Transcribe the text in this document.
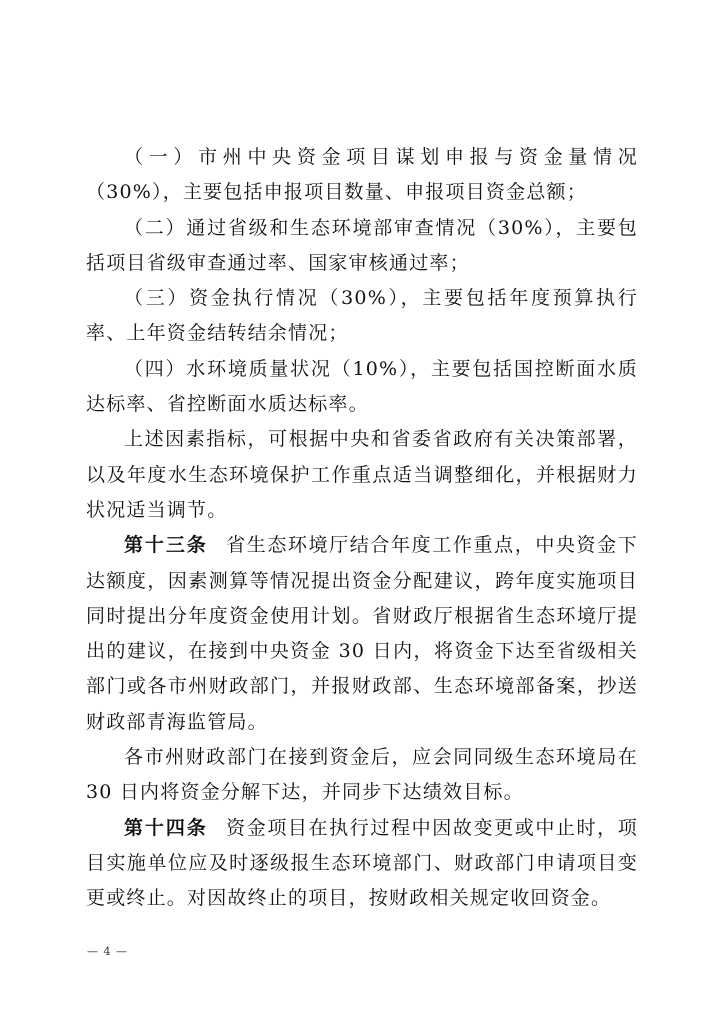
（一）市州中央资金项目谋划申报与资金量情况（30%），主要包括申报项目数量、申报项目资金总额；

（二）通过省级和生态环境部审查情况（30%），主要包括项目省级审查通过率、国家审核通过率；

（三）资金执行情况（30%），主要包括年度预算执行率、上年资金结转结余情况；

（四）水环境质量状况（10%），主要包括国控断面水质达标率、省控断面水质达标率。

上述因素指标，可根据中央和省委省政府有关决策部署，以及年度水生态环境保护工作重点适当调整细化，并根据财力状况适当调节。

第十三条 省生态环境厅结合年度工作重点，中央资金下达额度，因素测算等情况提出资金分配建议，跨年度实施项目同时提出分年度资金使用计划。省财政厅根据省生态环境厅提出的建议，在接到中央资金 30 日内，将资金下达至省级相关部门或各市州财政部门，并报财政部、生态环境部备案，抄送财政部青海监管局。

各市州财政部门在接到资金后，应会同同级生态环境局在 30 日内将资金分解下达，并同步下达绩效目标。

第十四条 资金项目在执行过程中因故变更或中止时，项目实施单位应及时逐级报生态环境部门、财政部门申请项目变更或终止。对因故终止的项目，按财政相关规定收回资金。

— 4 —
